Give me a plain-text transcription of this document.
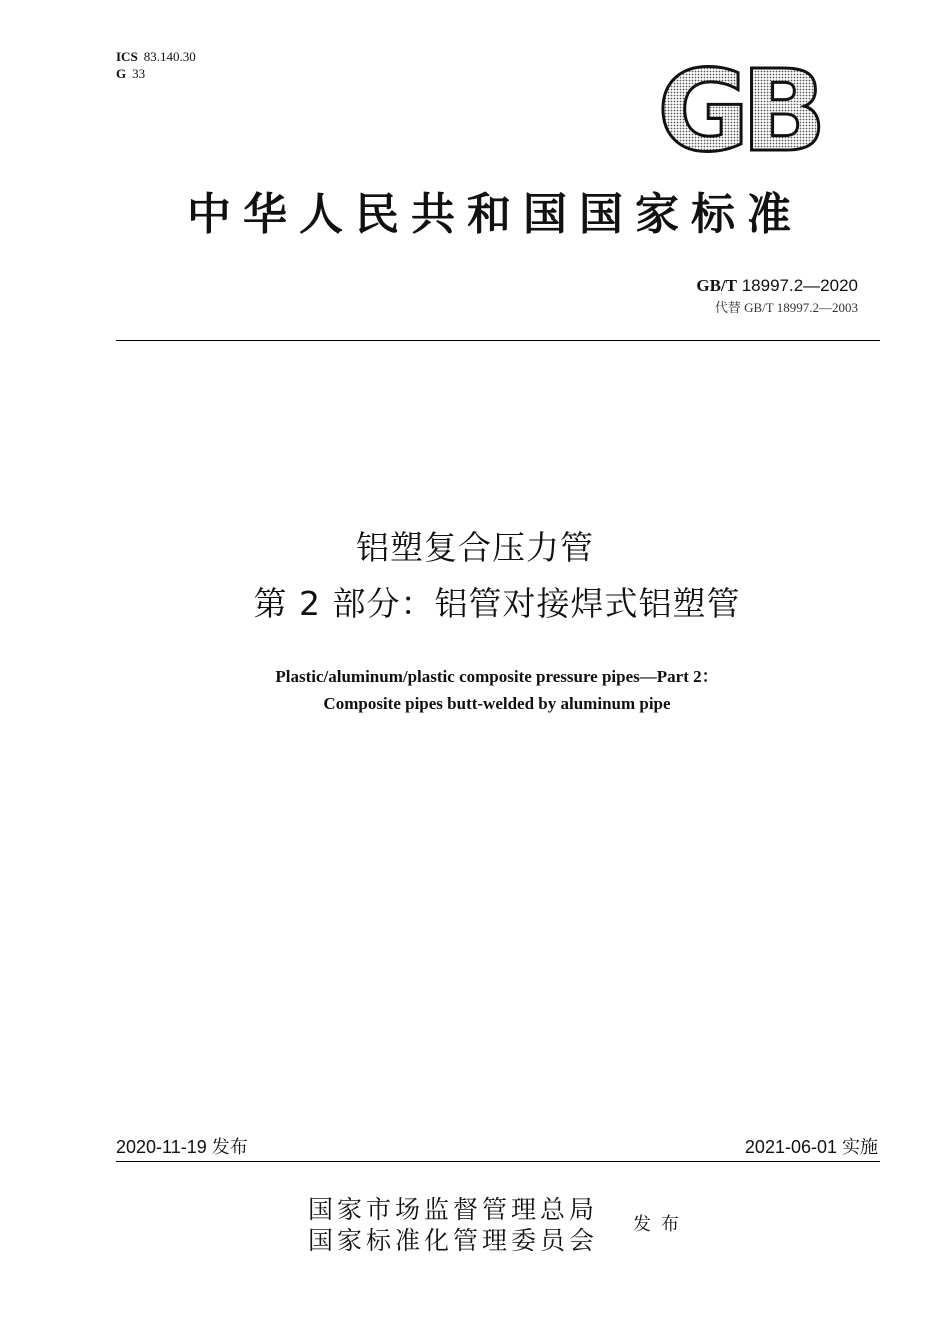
ICS 83.140.30
G 33	GB
中华人民共和国国家标准
GB/T 18997.2—2020
代替 GB/T 18997.2—2003
铝塑复合压力管
第 2 部分：铝管对接焊式铝塑管
Plastic/aluminum/plastic composite pressure pipes—Part 2：
Composite pipes butt-welded by aluminum pipe
2020-11-19 发布	2021-06-01 实施
国家市场监督管理总局
国家标准化管理委员会
发布
